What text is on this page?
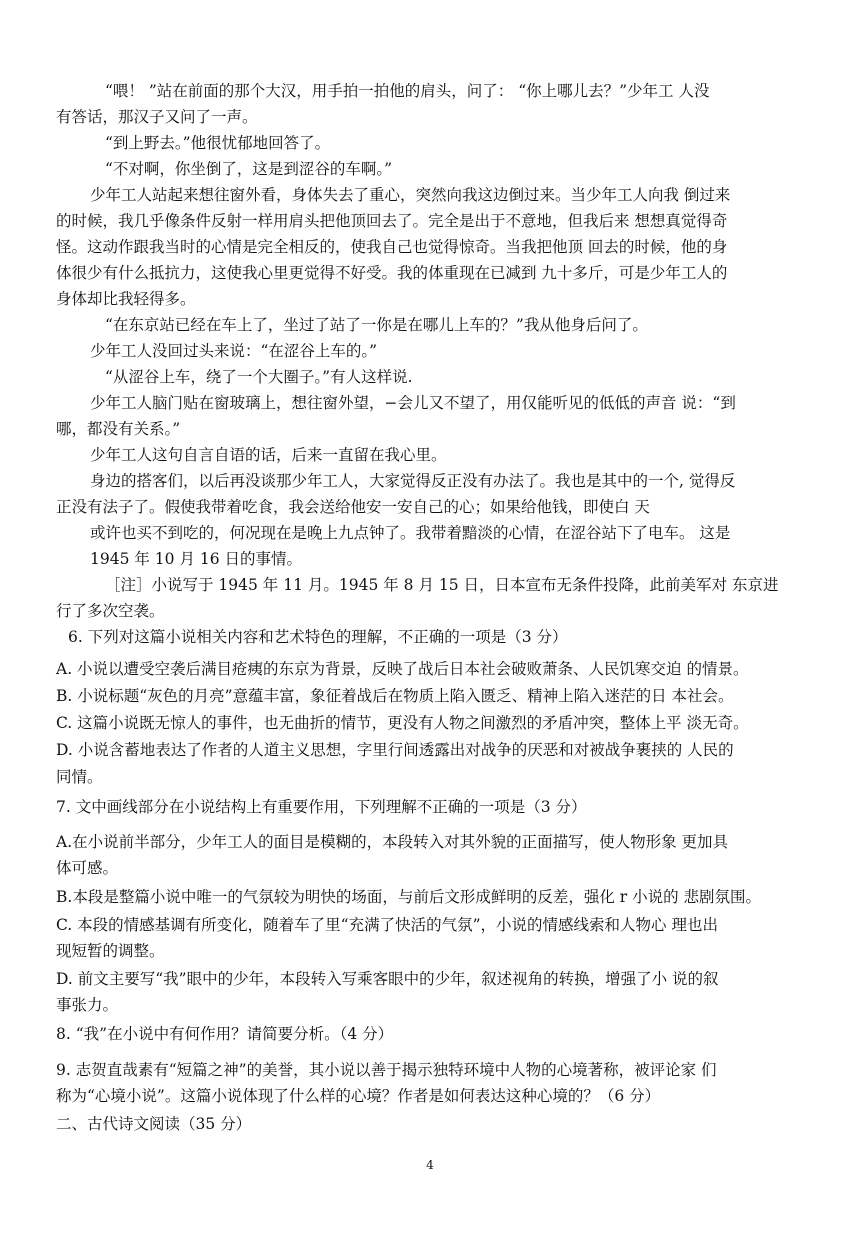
“喂！ ”站在前面的那个大汉，用手拍一拍他的肩头，问了： “你上哪儿去？”少年工 人没
有答话，那汉子又问了一声。
“到上野去。”他很忧郁地回答了。
“不对啊，你坐倒了，这是到涩谷的车啊。”
少年工人站起来想往窗外看，身体失去了重心，突然向我这边倒过来。当少年工人向我 倒过来
的时候，我几乎像条件反射一样用肩头把他顶回去了。完全是出于不意地，但我后来 想想真觉得奇
怪。这动作跟我当时的心情是完全相反的，使我自己也觉得惊奇。当我把他顶 回去的时候，他的身
体很少有什么抵抗力，这使我心里更觉得不好受。我的体重现在已减到 九十多斤，可是少年工人的
身体却比我轻得多。
“在东京站已经在车上了，坐过了站了一你是在哪儿上车的？”我从他身后问了。
少年工人没回过头来说：“在涩谷上车的。”
“从涩谷上车，绕了一个大圈子。”有人这样说.
少年工人脑门贴在窗玻璃上，想往窗外望，−会儿又不望了，用仅能听见的低低的声音 说：“到
哪，都没有关系。”
少年工人这句自言自语的话，后来一直留在我心里。
身边的搭客们，以后再没谈那少年工人，大家觉得反正没有办法了。我也是其中的一个, 觉得反
正没有法子了。假使我带着吃食，我会送给他安一安自己的心；如果给他钱，即使白 天
或许也买不到吃的，何况现在是晚上九点钟了。我带着黯淡的心情，在涩谷站下了电车。 这是
1945 年 10 月 16 日的事情。
［注］小说写于 1945 年 11 月。1945 年 8 月 15 日，日本宣布无条件投降，此前美军对 东京进
行了多次空袭。
6. 下列对这篇小说相关内容和艺术特色的理解，不正确的一项是（3 分）
A. 小说以遭受空袭后满目疮痍的东京为背景，反映了战后日本社会破败萧条、人民饥寒交迫 的情景。
B. 小说标题“灰色的月亮”意蕴丰富，象征着战后在物质上陷入匮乏、精神上陷入迷茫的日 本社会。
C. 这篇小说既无惊人的事件，也无曲折的情节，更没有人物之间激烈的矛盾冲突，整体上平 淡无奇。
D. 小说含蓄地表达了作者的人道主义思想，字里行间透露出对战争的厌恶和对被战争裹挟的 人民的
同情。
7. 文中画线部分在小说结构上有重要作用，下列理解不正确的一项是（3 分）
A.在小说前半部分，少年工人的面目是模糊的，本段转入对其外貌的正面描写，使人物形象 更加具
体可感。
B.本段是整篇小说中唯一的气氛较为明快的场面，与前后文形成鲜明的反差，强化 r 小说的 悲剧氛围。
C. 本段的情感基调有所变化，随着车了里“充满了快活的气氛”，小说的情感线索和人物心 理也出
现短暂的调整。
D. 前文主要写“我”眼中的少年，本段转入写乘客眼中的少年，叙述视角的转换，增强了小 说的叙
事张力。
8. “我”在小说中有何作用？请简要分析。（4 分）
9. 志贺直哉素有“短篇之神”的美誉，其小说以善于揭示独特环境中人物的心境著称，被评论家 们
称为“心境小说”。这篇小说体现了什么样的心境？作者是如何表达这种心境的？（6 分）
二、古代诗文阅读（35 分）
4
